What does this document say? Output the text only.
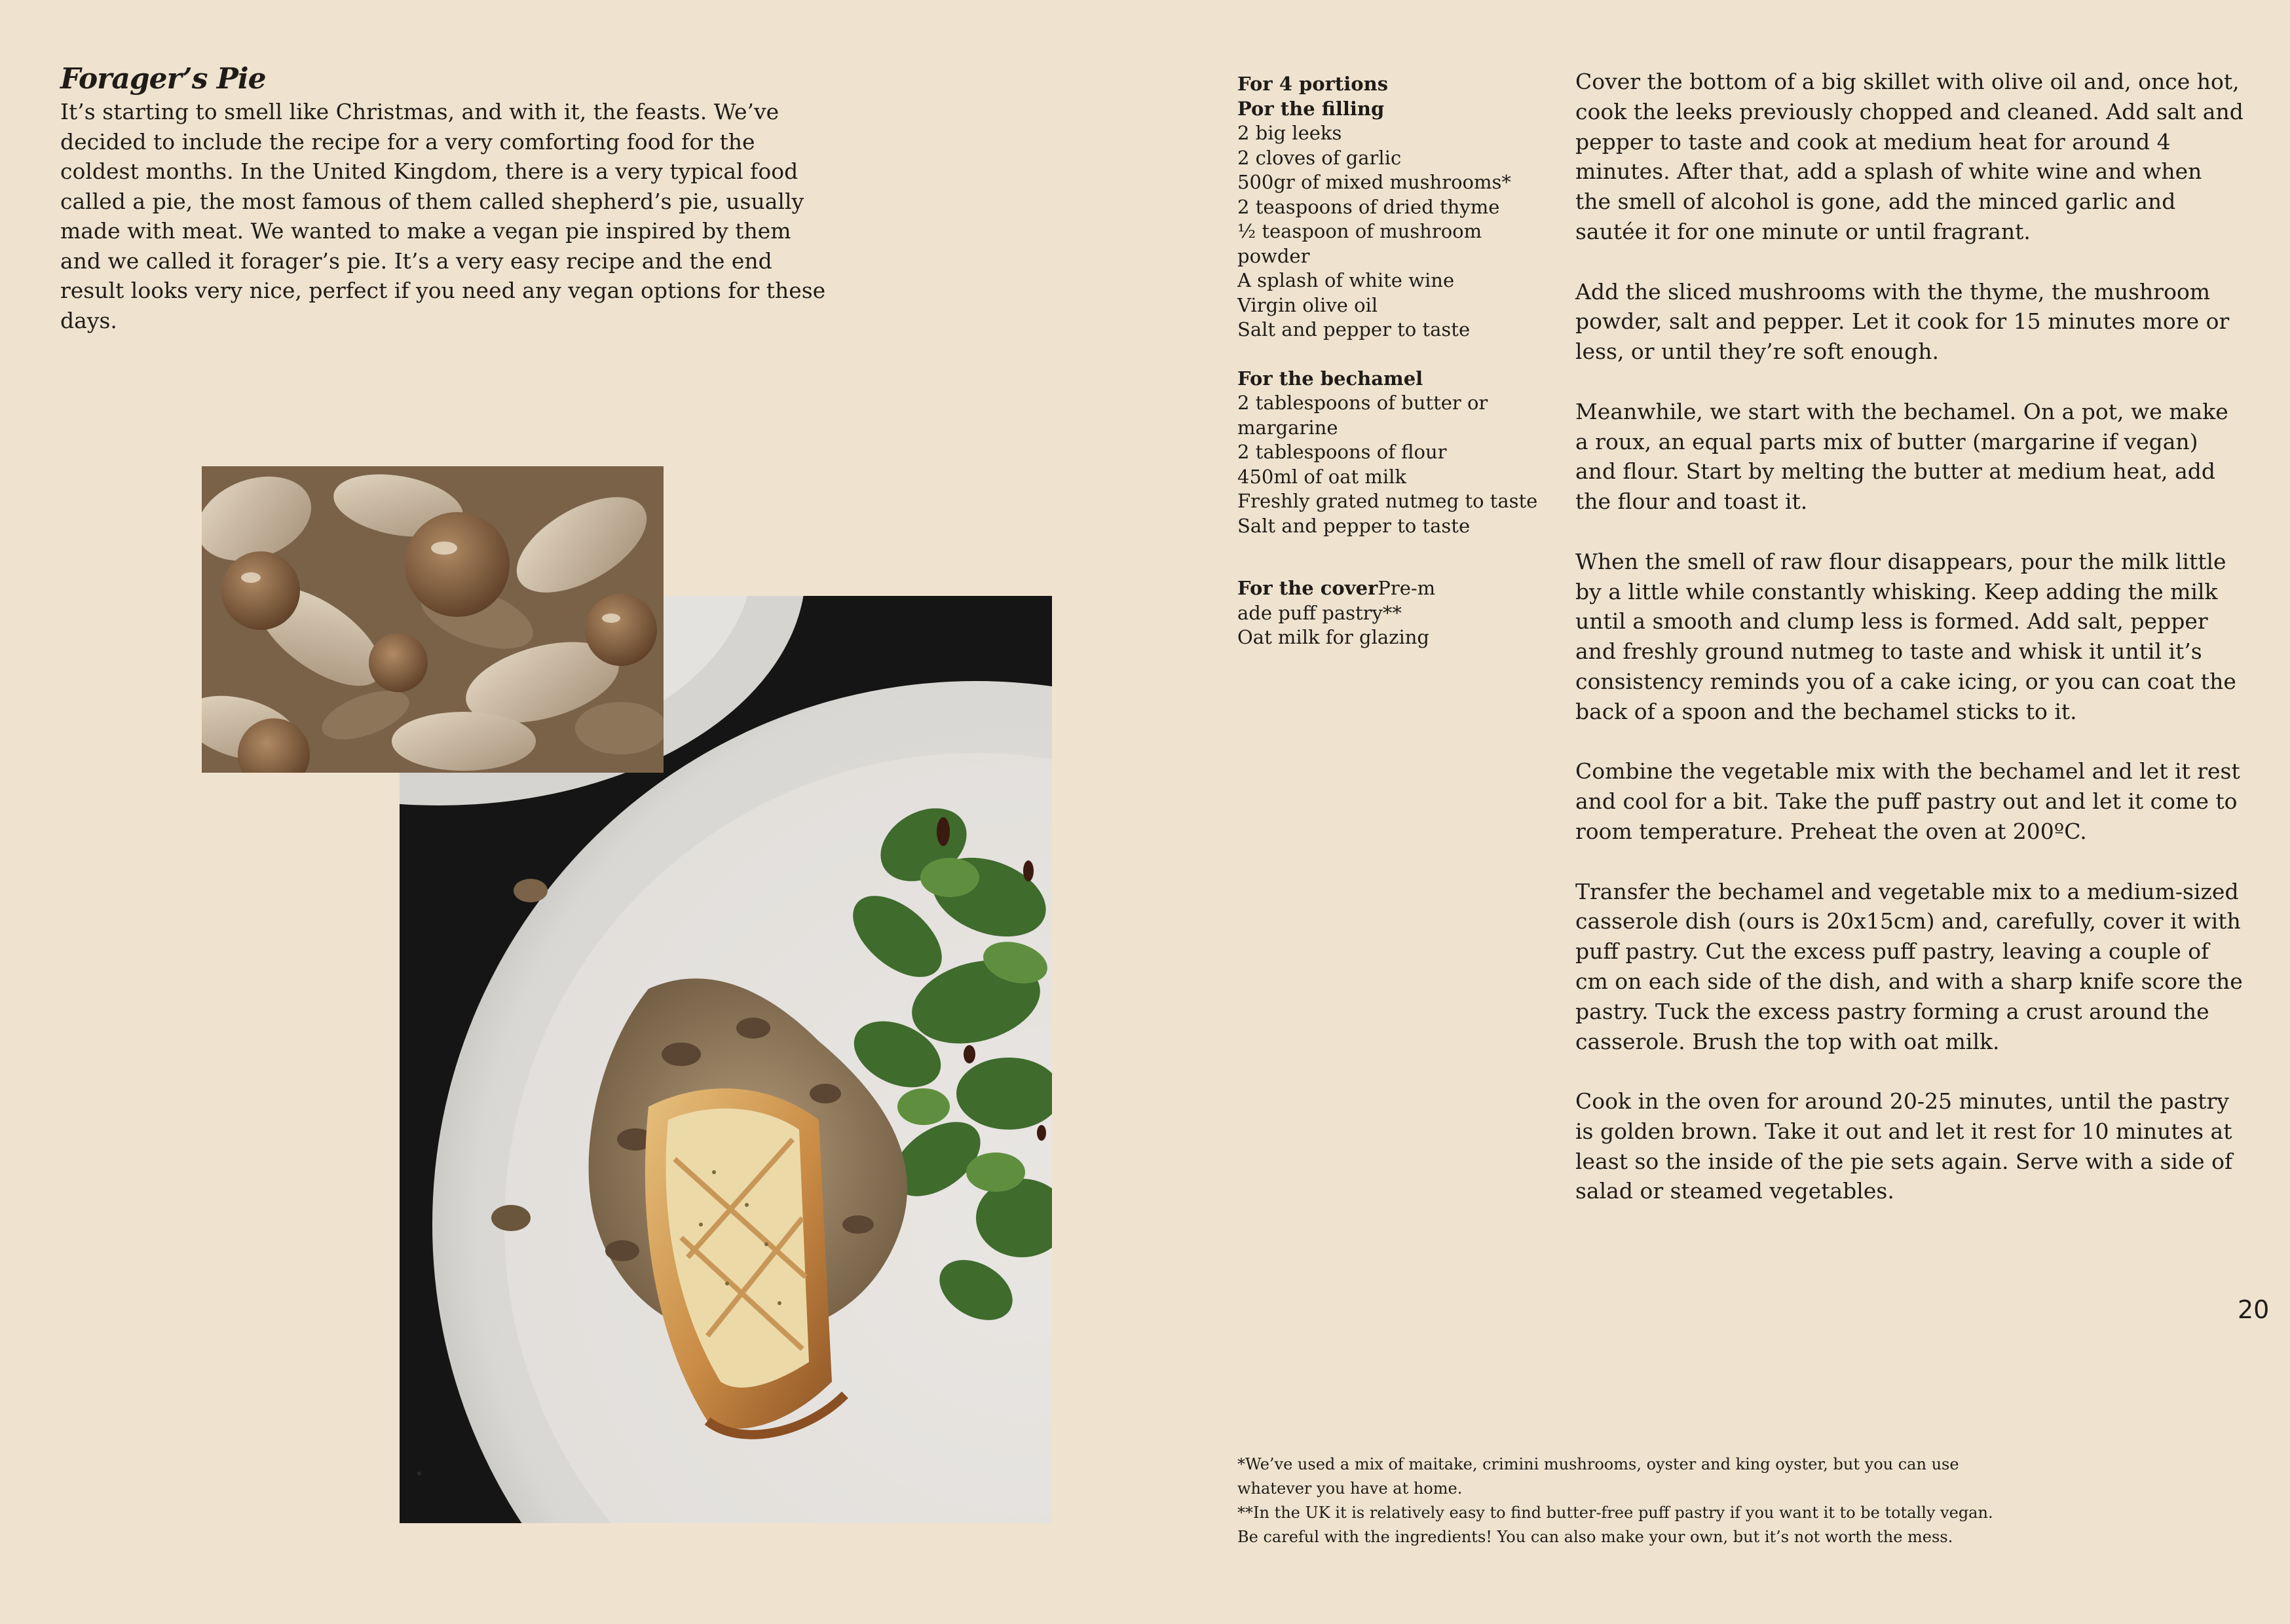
Forager’s Pie

It’s starting to smell like Christmas, and with it, the feasts. We’ve decided to include the recipe for a very comforting food for the coldest months. In the United Kingdom, there is a very typical food called a pie, the most famous of them called shepherd’s pie, usually made with meat. We wanted to make a vegan pie inspired by them and we called it forager’s pie. It’s a very easy recipe and the end result looks very nice, perfect if you need any vegan options for these days.

For 4 portions
Por the filling
2 big leeks
2 cloves of garlic
500gr of mixed mushrooms*
2 teaspoons of dried thyme
½ teaspoon of mushroom powder
A splash of white wine
Virgin olive oil
Salt and pepper to taste
For the bechamel
2 tablespoons of butter or
margarine
2 tablespoons of flour
450ml of oat milk
Freshly grated nutmeg to taste
Salt and pepper to taste
For the coverPre-m
ade puff pastry**
Oat milk for glazing

Cover the bottom of a big skillet with olive oil and, once hot, cook the leeks previously chopped and cleaned. Add salt and pepper to taste and cook at medium heat for around 4 minutes. After that, add a splash of white wine and when the smell of alcohol is gone, add the minced garlic and sautée it for one minute or until fragrant.

Add the sliced mushrooms with the thyme, the mushroom powder, salt and pepper. Let it cook for 15 minutes more or less, or until they’re soft enough.

Meanwhile, we start with the bechamel. On a pot, we make a roux, an equal parts mix of butter (margarine if vegan) and flour. Start by melting the butter at medium heat, add the flour and toast it.

When the smell of raw flour disappears, pour the milk little by a little while constantly whisking. Keep adding the milk until a smooth and clump less is formed. Add salt, pepper and freshly ground nutmeg to taste and whisk it until it’s consistency reminds you of a cake icing, or you can coat the back of a spoon and the bechamel sticks to it.

Combine the vegetable mix with the bechamel and let it rest and cool for a bit. Take the puff pastry out and let it come to room temperature. Preheat the oven at 200ºC.

Transfer the bechamel and vegetable mix to a medium-sized casserole dish (ours is 20x15cm) and, carefully, cover it with puff pastry. Cut the excess puff pastry, leaving a couple of cm on each side of the dish, and with a sharp knife score the pastry. Tuck the excess pastry forming a crust around the casserole. Brush the top with oat milk.

Cook in the oven for around 20-25 minutes, until the pastry is golden brown. Take it out and let it rest for 10 minutes at least so the inside of the pie sets again. Serve with a side of salad or steamed vegetables.

20
*We’ve used a mix of maitake, crimini mushrooms, oyster and king oyster, but you can use
whatever you have at home.
**In the UK it is relatively easy to find butter-free puff pastry if you want it to be totally vegan.
Be careful with the ingredients! You can also make your own, but it’s not worth the mess.
